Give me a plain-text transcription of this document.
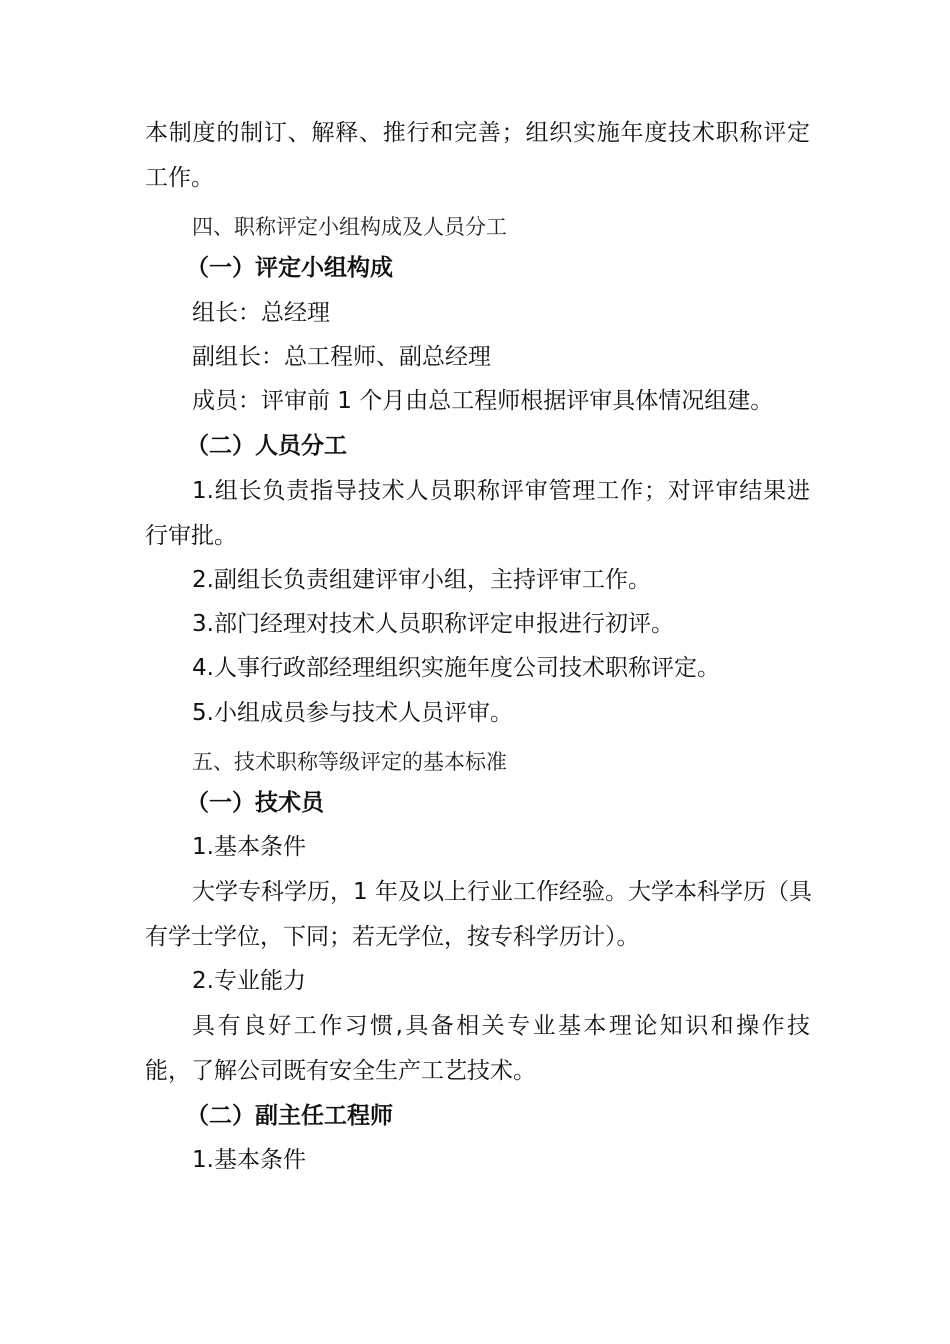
本制度的制订、解释、推行和完善；组织实施年度技术职称评定
工作。
四、职称评定小组构成及人员分工
（一）评定小组构成
组长：总经理
副组长：总工程师、副总经理
成员：评审前 1 个月由总工程师根据评审具体情况组建。
（二）人员分工
1.组长负责指导技术人员职称评审管理工作；对评审结果进
行审批。
2.副组长负责组建评审小组，主持评审工作。
3.部门经理对技术人员职称评定申报进行初评。
4.人事行政部经理组织实施年度公司技术职称评定。
5.小组成员参与技术人员评审。
五、技术职称等级评定的基本标准
（一）技术员
1.基本条件
大学专科学历，1 年及以上行业工作经验。大学本科学历（具
有学士学位，下同；若无学位，按专科学历计）。
2.专业能力
具有良好工作习惯,具备相关专业基本理论知识和操作技
能，了解公司既有安全生产工艺技术。
（二）副主任工程师
1.基本条件
